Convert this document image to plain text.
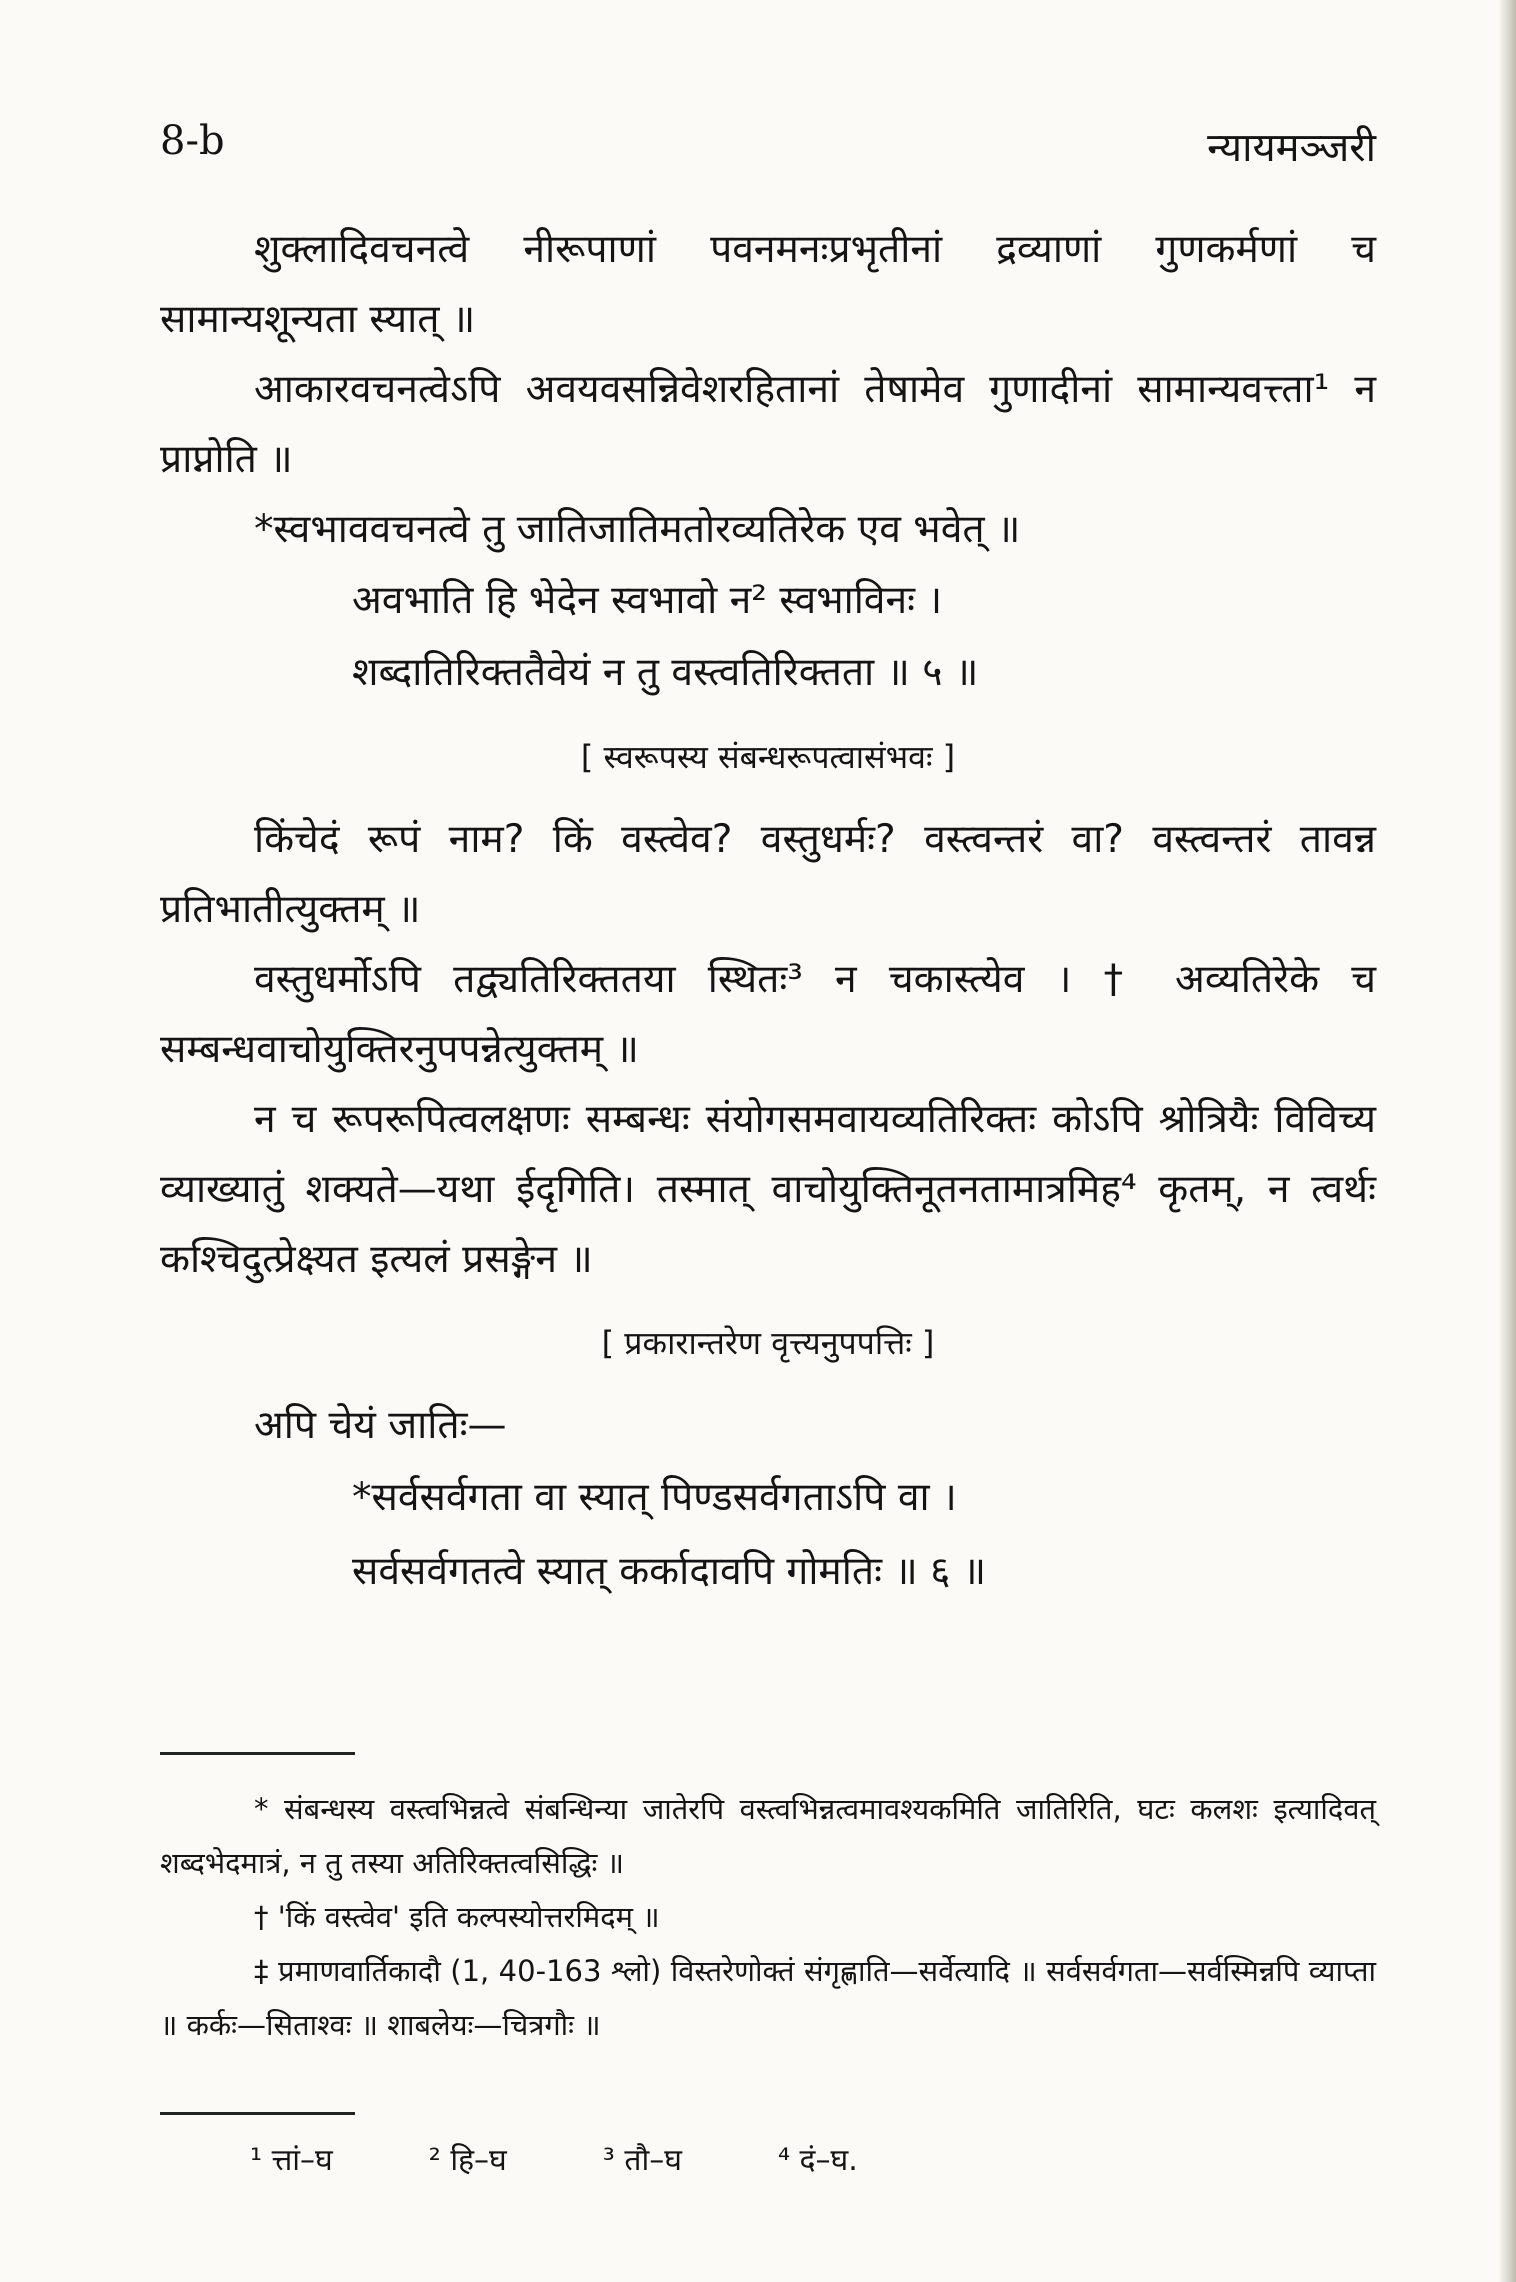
8-b	न्यायमञ्जरी

शुक्लादिवचनत्वे नीरूपाणां पवनमनःप्रभृतीनां द्रव्याणां गुणकर्मणां च सामान्यशून्यता स्यात् ॥

आकारवचनत्वेऽपि अवयवसन्निवेशरहितानां तेषामेव गुणादीनां सामान्यवत्त्ता¹ न प्राप्नोति ॥

*स्वभाववचनत्वे तु जातिजातिमतोरव्यतिरेक एव भवेत् ॥

अवभाति हि भेदेन स्वभावो न² स्वभाविनः ।

शब्दातिरिक्ततैवेयं न तु वस्त्वतिरिक्तता ॥ ५ ॥

[ स्वरूपस्य संबन्धरूपत्वासंभवः ]

किंचेदं रूपं नाम? किं वस्त्वेव? वस्तुधर्मः? वस्त्वन्तरं वा? वस्त्वन्तरं तावन्न प्रतिभातीत्युक्तम् ॥

वस्तुधर्मोऽपि तद्व्यतिरिक्ततया स्थितः³ न चकास्त्येव । † अव्यतिरेके च सम्बन्धवाचोयुक्तिरनुपपन्नेत्युक्तम् ॥

न च रूपरूपित्वलक्षणः सम्बन्धः संयोगसमवायव्यतिरिक्तः कोऽपि श्रोत्रियैः विविच्य व्याख्यातुं शक्यते—यथा ईदृगिति। तस्मात् वाचोयुक्तिनूतनतामात्रमिह⁴ कृतम्, न त्वर्थः कश्चिदुत्प्रेक्ष्यत इत्यलं प्रसङ्गेन ॥

[ प्रकारान्तरेण वृत्त्यनुपपत्तिः ]

अपि चेयं जातिः—

*सर्वसर्वगता वा स्यात् पिण्डसर्वगताऽपि वा ।

सर्वसर्वगतत्वे स्यात् कर्कादावपि गोमतिः ॥ ६ ॥

* संबन्धस्य वस्त्वभिन्नत्वे संबन्धिन्या जातेरपि वस्त्वभिन्नत्वमावश्यकमिति जातिरिति, घटः कलशः इत्यादिवत् शब्दभेदमात्रं, न तु तस्या अतिरिक्तत्वसिद्धिः ॥

† 'किं वस्त्वेव' इति कल्पस्योत्तरमिदम् ॥

‡ प्रमाणवार्तिकादौ (1, 40-163 श्लो) विस्तरेणोक्तं संगृह्णाति—सर्वेत्यादि ॥ सर्वसर्वगता—सर्वस्मिन्नपि व्याप्ता ॥ कर्कः—सिताश्वः ॥ शाबलेयः—चित्रगौः ॥

¹ त्तां–घ	² हि–घ	³ तौ–घ	⁴ दं–घ.
